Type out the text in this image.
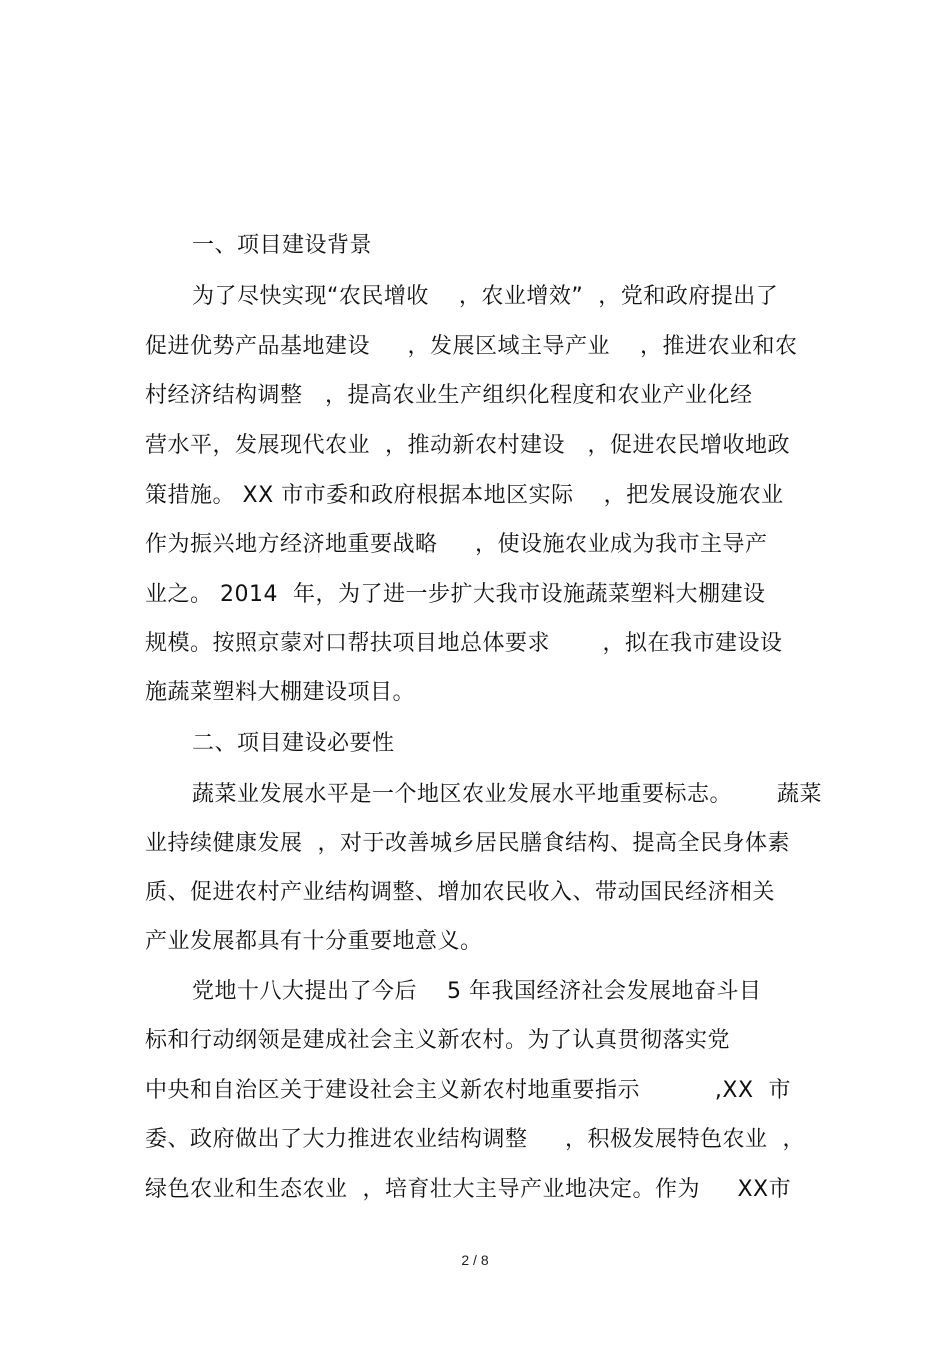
一、项目建设背景
为了尽快实现“农民增收    ，农业增效”  ，党和政府提出了
促进优势产品基地建设     ，发展区域主导产业    ，推进农业和农
村经济结构调整   ，提高农业生产组织化程度和农业产业化经
营水平，发展现代农业  ，推动新农村建设   ，促进农民增收地政
策措施。 XX 市市委和政府根据本地区实际    ，把发展设施农业
作为振兴地方经济地重要战略     ，使设施农业成为我市主导产
业之。 2014  年，为了进一步扩大我市设施蔬菜塑料大棚建设
规模。按照京蒙对口帮扶项目地总体要求       ，拟在我市建设设
施蔬菜塑料大棚建设项目。
二、项目建设必要性
蔬菜业发展水平是一个地区农业发展水平地重要标志。      蔬菜
业持续健康发展  ，对于改善城乡居民膳食结构、提高全民身体素
质、促进农村产业结构调整、增加农民收入、带动国民经济相关
产业发展都具有十分重要地意义。
党地十八大提出了今后    5 年我国经济社会发展地奋斗目
标和行动纲领是建成社会主义新农村。为了认真贯彻落实党
中央和自治区关于建设社会主义新农村地重要指示          ,XX  市
委、政府做出了大力推进农业结构调整     ，积极发展特色农业  ，
绿色农业和生态农业  ，培育壮大主导产业地决定。作为     XX市
2 / 8
